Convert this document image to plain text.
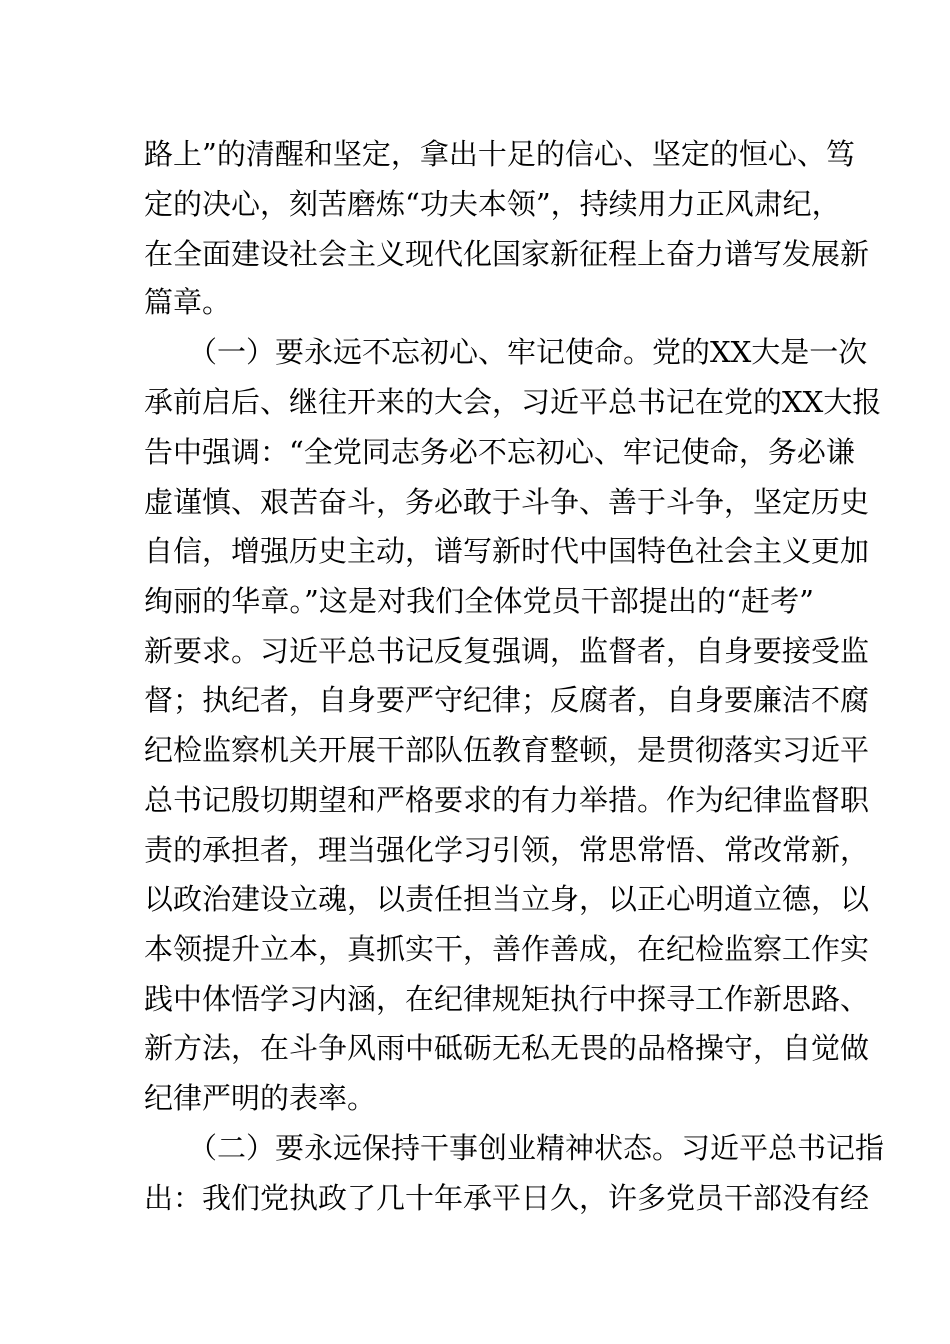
路上”的清醒和坚定，拿出十足的信心、坚定的恒心、笃
定的决心，刻苦磨炼“功夫本领”，持续用力正风肃纪，
在全面建设社会主义现代化国家新征程上奋力谱写发展新
篇章。
（一）要永远不忘初心、牢记使命。党的XX大是一次
承前启后、继往开来的大会，习近平总书记在党的XX大报
告中强调：“全党同志务必不忘初心、牢记使命，务必谦
虚谨慎、艰苦奋斗，务必敢于斗争、善于斗争，坚定历史
自信，增强历史主动，谱写新时代中国特色社会主义更加
绚丽的华章。”这是对我们全体党员干部提出的“赶考”
新要求。习近平总书记反复强调，监督者，自身要接受监
督；执纪者，自身要严守纪律；反腐者，自身要廉洁不腐
纪检监察机关开展干部队伍教育整顿，是贯彻落实习近平
总书记殷切期望和严格要求的有力举措。作为纪律监督职
责的承担者，理当强化学习引领，常思常悟、常改常新，
以政治建设立魂，以责任担当立身，以正心明道立德，以
本领提升立本，真抓实干，善作善成，在纪检监察工作实
践中体悟学习内涵，在纪律规矩执行中探寻工作新思路、
新方法，在斗争风雨中砥砺无私无畏的品格操守，自觉做
纪律严明的表率。
（二）要永远保持干事创业精神状态。习近平总书记指
出：我们党执政了几十年承平日久，许多党员干部没有经
